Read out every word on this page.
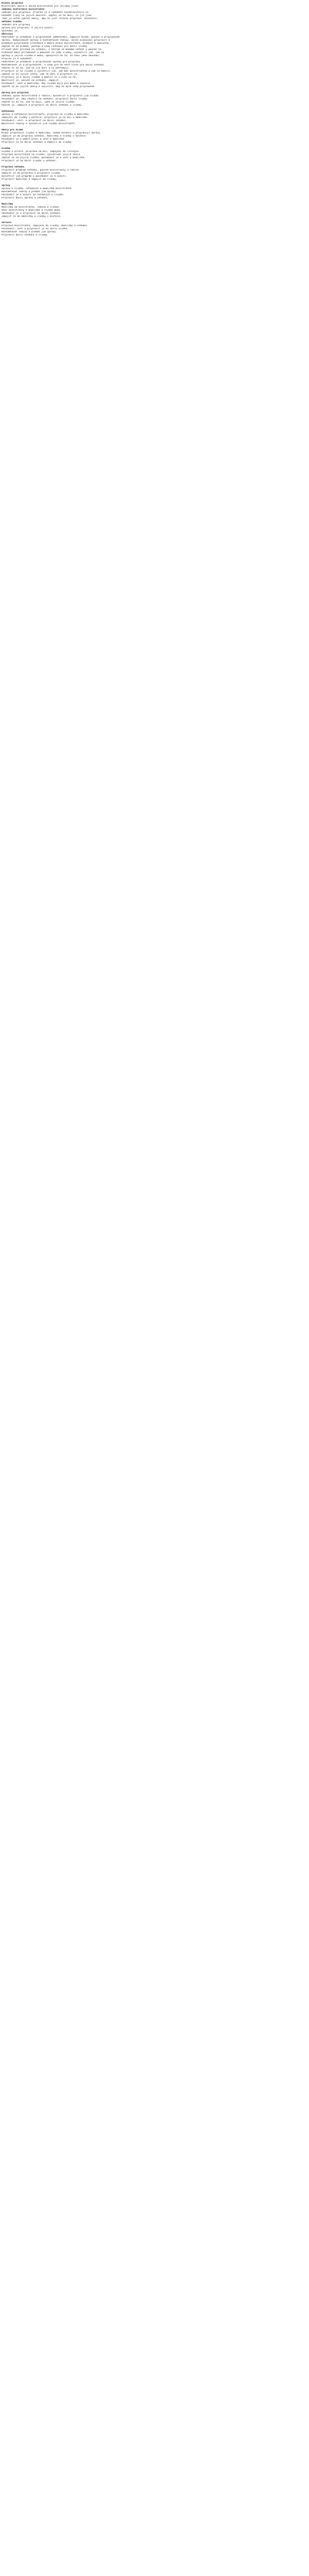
Hlavní příprava
Ministrání úkolů k akcím ministrantů pro velikou vlast
Jednání konference ministrantů
Jednání pro přípravu: Připrav je a vyhodnoť nejdůležitější ve
Požádat členy na jejich úkolech. Zeptej se na akci, co již jsou
Také je nutné vybrat úkoly, aby se jich "Hlavní příprava" zúčastnil.
Setkání Služba
Jednání pro přípravu
Zpráva pro přípravu, o jejich účasti.
Vyzvedni je.
Úkolníci
Podstatou je předávat a připravovat zaměstnání, zapojit mladé, pozvat a připravovat
zprávu. Komunikovat zprávy a kontaktovat rodiny. Skrze plánování připravit a
předávat připravené informace z dobré práce ministrantů, mladých a úkolníků.
Zeptat se na průběh, postup a vždy rozhovor pro další služby.
Přizvat Boží příchod na setkání, s kterým se můžeme setkat a poznat ho.
Plánovat Boží přítomnost a děkovat za jeho služby, vysvětlit jim, jak se
Zprávy o jejich službě k Bohu, upozornit na to, že není jeho zkouška.
Připrav je a vyhodnoť.
Podstatou je předávat a připravovat zprávy pro přípravu.
Kontaktovat je a připravovat, a vždy pro ně vést slovo pro další setkání.
Zeptat se na to, jak se jim daří a co potřebují.
Připravit je na službu a vysvětlit jim, jak být ministrantem a jak se modlit.
Zeptat se na jejich cesty, jak se daří a připravit je.
Připravit je k další službě a modlit se s nimi za ně.
Navštívit je, pozvat na setkání, zapojit.
Povzbudit, vést k modlitbě, aby služba byla pro Boha a zazněla.
Zeptat se na jejich úkoly a zajistit, aby to bylo vždy připravené.
Zprávy pro přípravu
Jednání zpráv ministrantů a rodičů. Vysvětlit a připravit jim službu.
Povzbudit je, aby chodili na setkání, připravit další služby.
Zeptat se na to, jak se mají, jaká je jejich služba.
Pozvat je, zapojit a připravit na další setkání a služby.
Setkávání
Zprávy o setkáních ministrantů, příprava na službu a modlitbu.
Zapojení do služby v kostele, připravit je na mši a modlitbu.
Povzbudit, vést, a připravit na další setkání.
Navštívit rodiny a vysvětlit jim službu ministrantů.
Úkoly pro mladé
Mladí připravují službu a modlitbu, vedou ostatní a připravují zprávy.
Zapojit je do přípravy setkání, modlitby a služby v kostele.
Povzbudit je k dobré práci a vést k modlitbě.
Připravit je na další setkání a zapojit do služby.
Služba
Služba u oltáře, příprava na mši, zapojení do liturgie.
Příprava ministrantů na službu, vysvětlení jejich úkolů.
Zeptat se na jejich službu, povzbudit je a vést k modlitbě.
Připravit je na další službu a setkání.
Příprava setkání
Připravit program setkání, pozvat ministranty a rodiče.
Zapojit je do přípravy a připravit služby.
Vysvětlit jim program a povzbudit je k účasti.
Připravit modlitbu a zapojit do služby.
Zprávy
Zprávy o službě, setkáních a modlitbě ministrantů.
Kontaktovat rodiny a předat jim zprávy.
Povzbudit je k účasti na setkáních a službě.
Připravit další zprávy a setkání.
Modlitba
Modlitba za ministranty, rodiny a službu.
Vést ministranty k modlitbě a službě Bohu.
Povzbudit je a připravit na další setkání.
Zapojit je do modlitby a služby v kostele.
Shrnutí
Příprava ministrantů, zapojení do služby, modlitby a setkání.
Povzbudit, vést a připravit je na další službu.
Kontaktovat rodiny a předat jim zprávy.
Připravit další setkání a služby.
